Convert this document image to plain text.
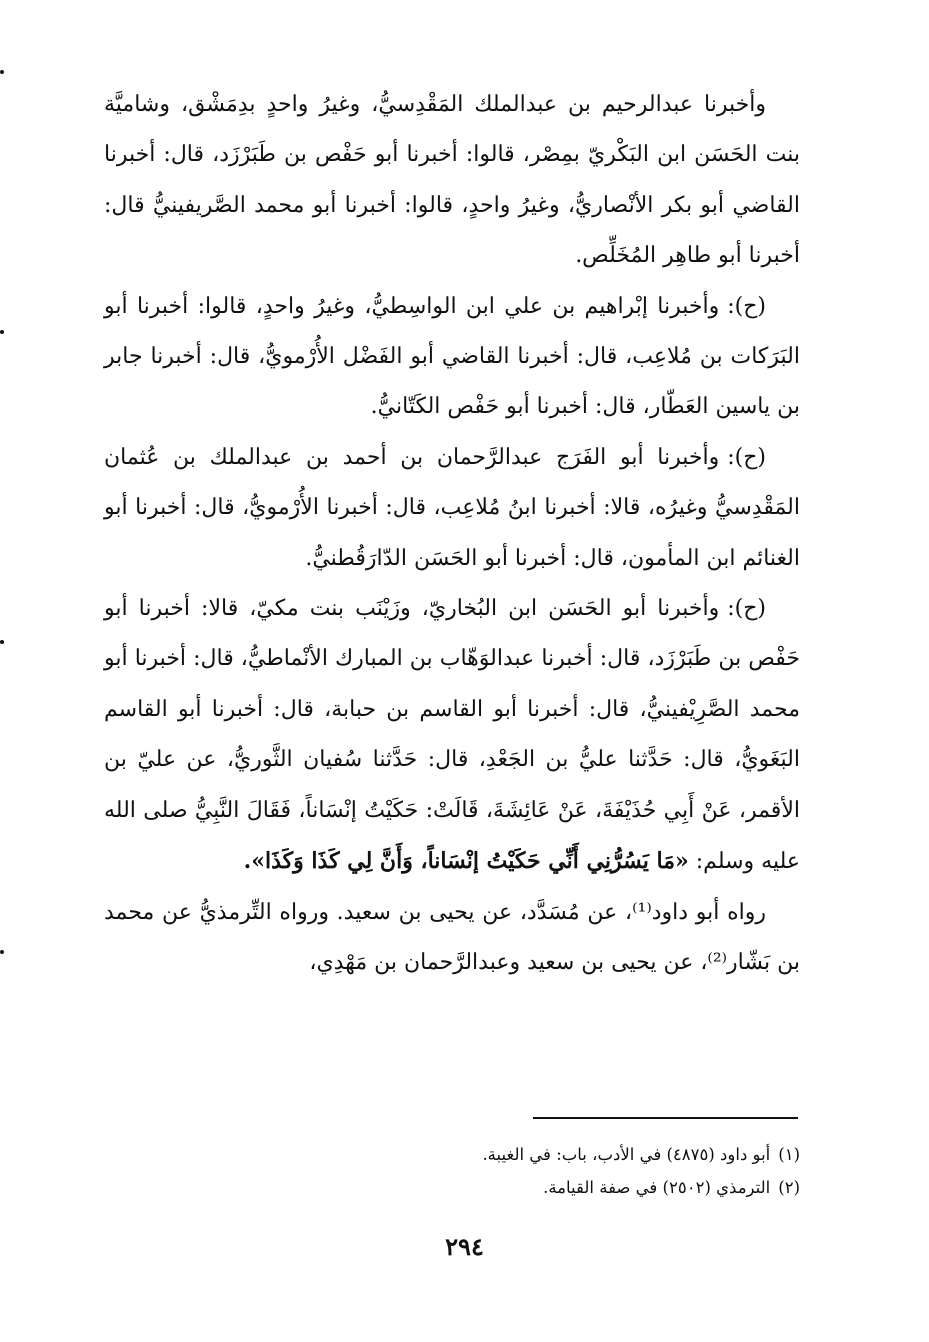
وأخبرنا عبدالرحيم بن عبدالملك المَقْدِسيُّ، وغيرُ واحدٍ بدِمَشْق، وشاميَّة بنت الحَسَن ابن البَكْريّ بمِصْر، قالوا: أخبرنا أبو حَفْص بن طَبَرْزَد، قال: أخبرنا القاضي أبو بكر الأنْصاريُّ، وغيرُ واحدٍ، قالوا: أخبرنا أبو محمد الصَّريفينيُّ قال: أخبرنا أبو طاهِر المُخَلِّص.

(ح):وأخبرنا إبْراهيم بن علي ابن الواسِطيُّ، وغيرُ واحدٍ، قالوا: أخبرنا أبو البَرَكات بن مُلاعِب، قال: أخبرنا القاضي أبو الفَضْل الأُرْمويُّ، قال: أخبرنا جابر بن ياسين العَطّار، قال: أخبرنا أبو حَفْص الكَتّانيُّ.

(ح):وأخبرنا أبو الفَرَج عبدالرَّحمان بن أحمد بن عبدالملك بن عُثمان المَقْدِسيُّ وغيرُه، قالا: أخبرنا ابنُ مُلاعِب، قال: أخبرنا الأُرْمويُّ، قال: أخبرنا أبو الغنائم ابن المأمون، قال: أخبرنا أبو الحَسَن الدّارَقُطنيُّ.

(ح):وأخبرنا أبو الحَسَن ابن البُخاريّ، وزَيْنَب بنت مكيّ، قالا: أخبرنا أبو حَفْص بن طَبَرْزَد، قال: أخبرنا عبدالوَهّاب بن المبارك الأنْماطيُّ، قال: أخبرنا أبو محمد الصَّرِيْفينيُّ، قال: أخبرنا أبو القاسم بن حبابة، قال: أخبرنا أبو القاسم البَغَويُّ، قال: حَدَّثنا عليُّ بن الجَعْدِ، قال: حَدَّثنا سُفيان الثَّوريُّ، عن عليّ بن الأقمر، عَنْ أَبِي حُذَيْفَةَ، عَنْ عَائِشَةَ، قَالَتْ: حَكَيْتُ إنْسَاناً، فَقَالَ النَّبِيُّ صلى الله عليه وسلم: «مَا يَسُرُّنِي أَنِّي حَكَيْتُ إنْسَاناً، وَأَنَّ لِي كَذَا وَكَذَا».

رواه أبو داود⁽¹⁾، عن مُسَدَّد، عن يحيى بن سعيد. ورواه التِّرمذيُّ عن محمد بن بَشّار⁽²⁾، عن يحيى بن سعيد وعبدالرَّحمان بن مَهْدِي،

(١)أبو داود (٤٨٧٥) في الأدب، باب: في الغيبة.

(٢)الترمذي (٢٥٠٢) في صفة القيامة.

٢٩٤
